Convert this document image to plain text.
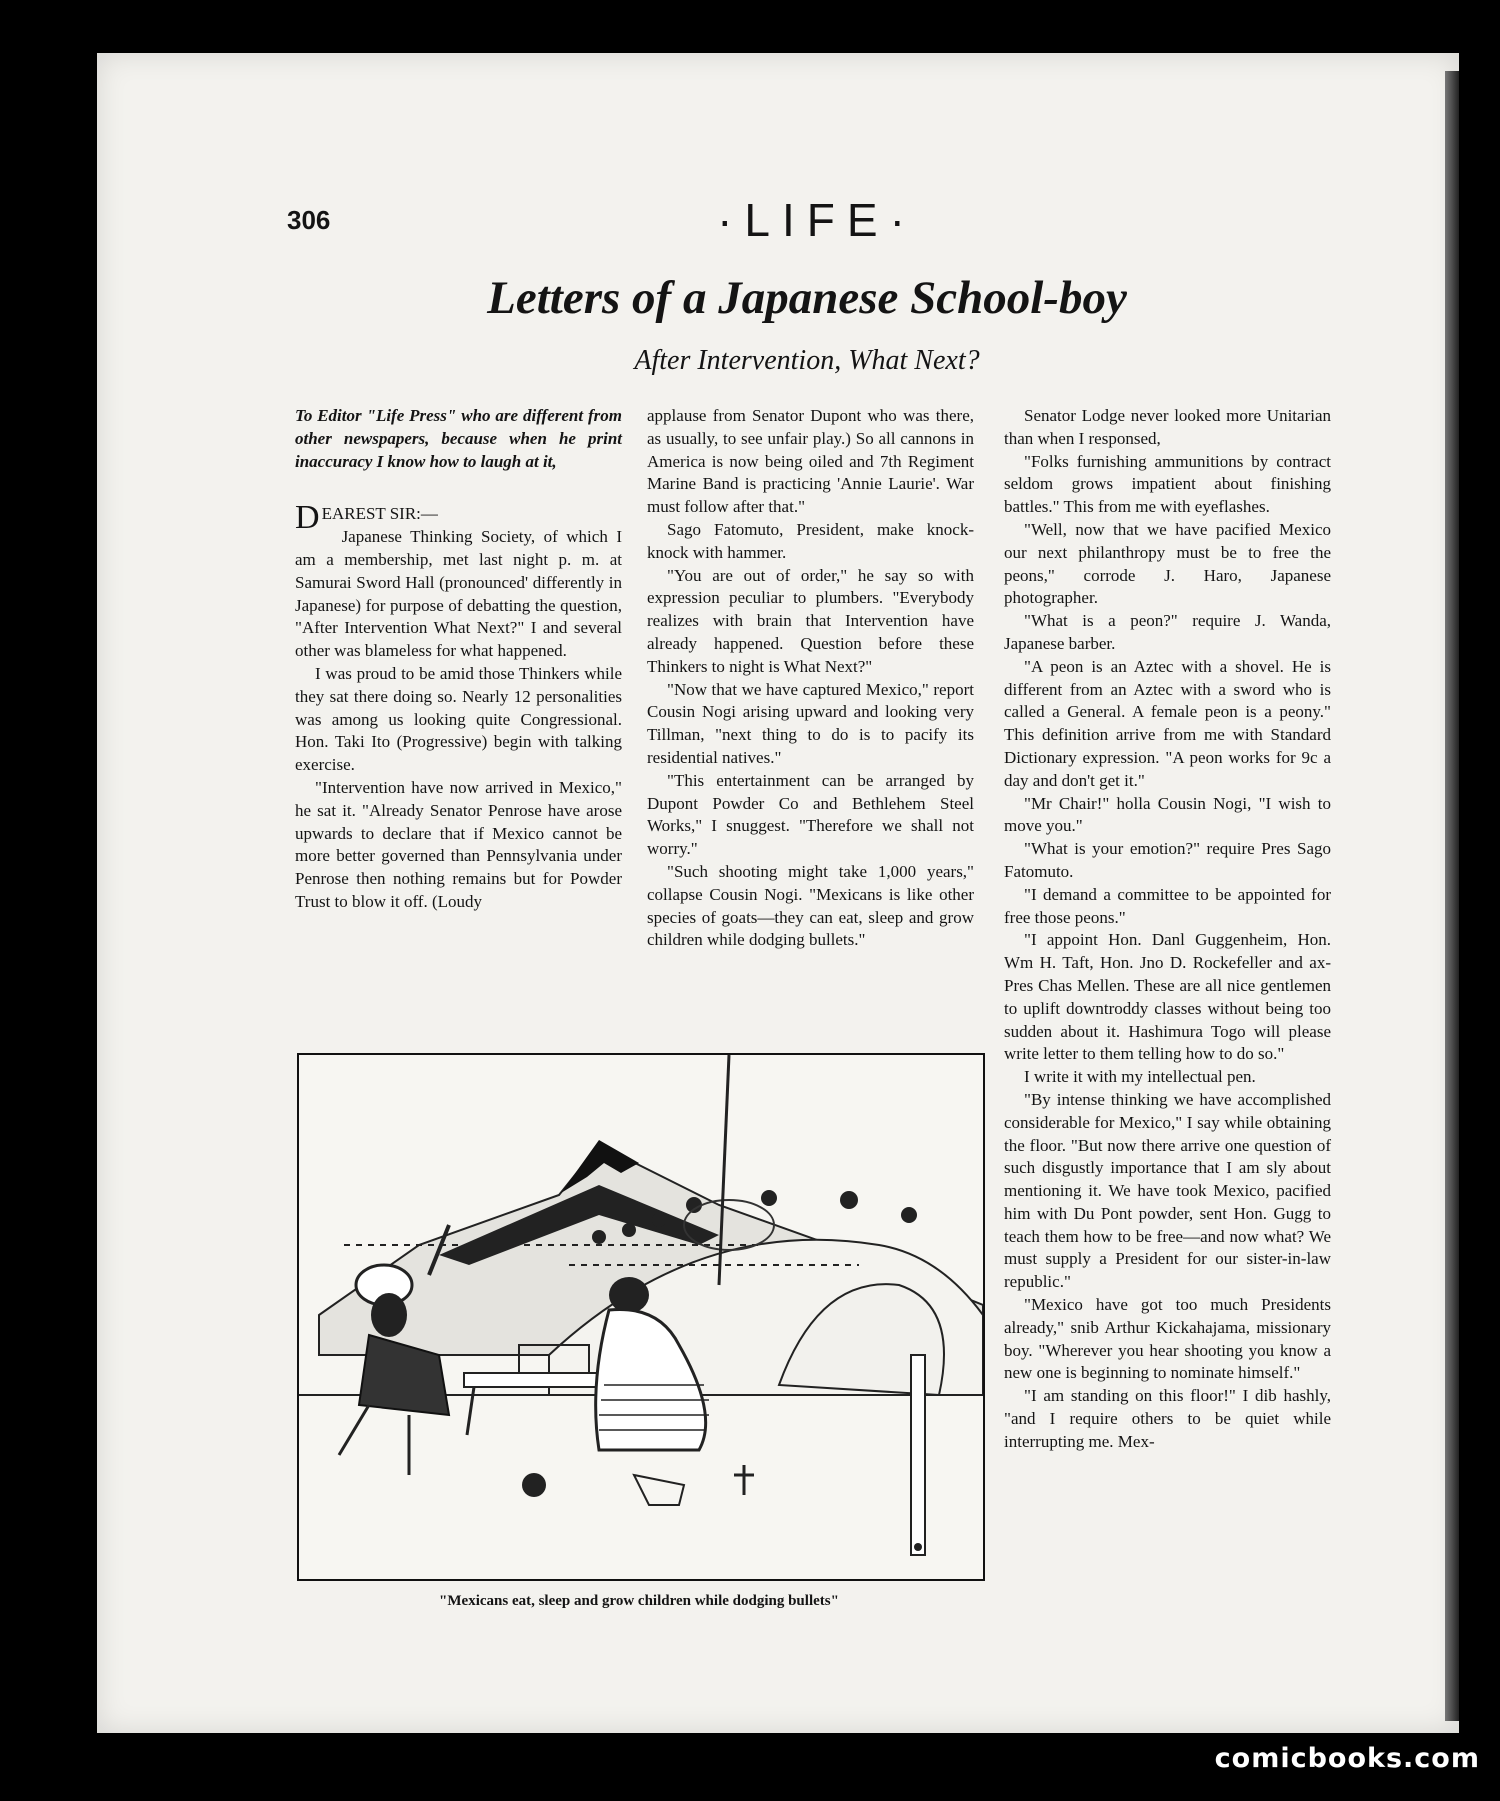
306	·LIFE·
Letters of a Japanese School-boy
After Intervention, What Next?

To Editor "Life Press" who are different from other newspapers, because when he print inaccuracy I know how to laugh at it,

DEAREST SIR:—

Japanese Thinking Society, of which I am a membership, met last night p. m. at Samurai Sword Hall (pronounced' differently in Japanese) for purpose of debatting the question, "After Intervention What Next?" I and several other was blameless for what happened.

I was proud to be amid those Thinkers while they sat there doing so. Nearly 12 personalities was among us looking quite Congressional. Hon. Taki Ito (Progressive) begin with talking exercise.

"Intervention have now arrived in Mexico," he sat it. "Already Senator Penrose have arose upwards to declare that if Mexico cannot be more better governed than Pennsylvania under Penrose then nothing remains but for Powder Trust to blow it off. (Loudy

applause from Senator Dupont who was there, as usually, to see unfair play.) So all cannons in America is now being oiled and 7th Regiment Marine Band is practicing 'Annie Laurie'. War must follow after that."

Sago Fatomuto, President, make knock-knock with hammer.

"You are out of order," he say so with expression peculiar to plumbers. "Everybody realizes with brain that Intervention have already happened. Question before these Thinkers to night is What Next?"

"Now that we have captured Mexico," report Cousin Nogi arising upward and looking very Tillman, "next thing to do is to pacify its residential natives."

"This entertainment can be arranged by Dupont Powder Co and Bethlehem Steel Works," I snuggest. "Therefore we shall not worry."

"Such shooting might take 1,000 years," collapse Cousin Nogi. "Mexicans is like other species of goats—they can eat, sleep and grow children while dodging bullets."

Senator Lodge never looked more Unitarian than when I responsed,

"Folks furnishing ammunitions by contract seldom grows impatient about finishing battles." This from me with eyeflashes.

"Well, now that we have pacified Mexico our next philanthropy must be to free the peons," corrode J. Haro, Japanese photographer.

"What is a peon?" require J. Wanda, Japanese barber.

"A peon is an Aztec with a shovel. He is different from an Aztec with a sword who is called a General. A female peon is a peony." This definition arrive from me with Standard Dictionary expression. "A peon works for 9c a day and don't get it."

"Mr Chair!" holla Cousin Nogi, "I wish to move you."

"What is your emotion?" require Pres Sago Fatomuto.

"I demand a committee to be appointed for free those peons."

"I appoint Hon. Danl Guggenheim, Hon. Wm H. Taft, Hon. Jno D. Rockefeller and ax-Pres Chas Mellen. These are all nice gentlemen to uplift downtroddy classes without being too sudden about it. Hashimura Togo will please write letter to them telling how to do so."

I write it with my intellectual pen.

"By intense thinking we have accomplished considerable for Mexico," I say while obtaining the floor. "But now there arrive one question of such disgustly importance that I am sly about mentioning it. We have took Mexico, pacified him with Du Pont powder, sent Hon. Gugg to teach them how to be free—and now what? We must supply a President for our sister-in-law republic."

"Mexico have got too much Presidents already," snib Arthur Kickahajama, missionary boy. "Wherever you hear shooting you know a new one is beginning to nominate himself."

"I am standing on this floor!" I dib hashly, "and I require others to be quiet while interrupting me. Mex-

"Mexicans eat, sleep and grow children while dodging bullets"
comicbooks.com
